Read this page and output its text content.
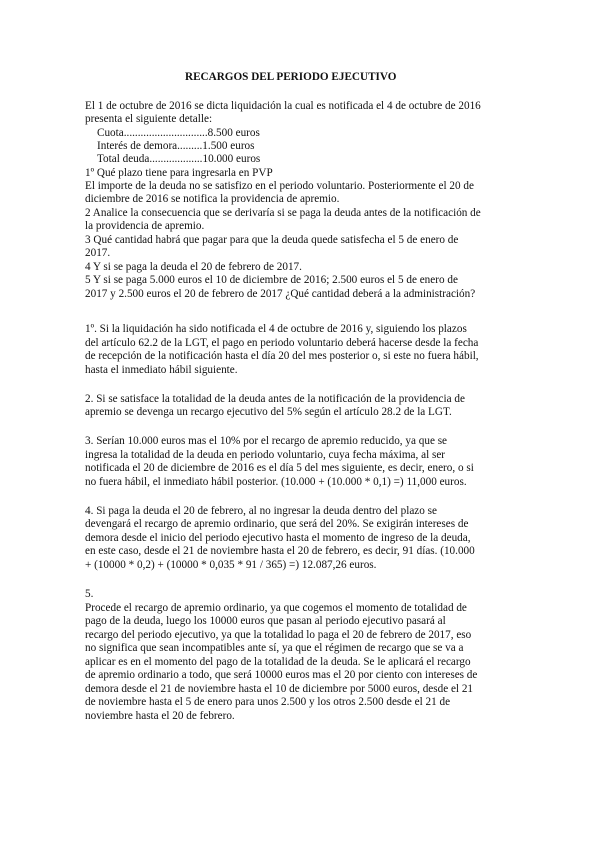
RECARGOS DEL PERIODO EJECUTIVO
El 1 de octubre de 2016 se dicta liquidación la cual es notificada el 4 de octubre de 2016
presenta el siguiente detalle:
Cuota..............................8.500 euros
Interés de demora.........1.500 euros
Total deuda...................10.000 euros
1º Qué plazo tiene para ingresarla en PVP
El importe de la deuda no se satisfizo en el periodo voluntario. Posteriormente el 20 de
diciembre de 2016 se notifica la providencia de apremio.
2 Analice la consecuencia que se derivaría si se paga la deuda antes de la notificación de
la providencia de apremio.
3 Qué cantidad habrá que pagar para que la deuda quede satisfecha el 5 de enero de
2017.
4 Y si se paga la deuda el 20 de febrero de 2017.
5 Y si se paga 5.000 euros el 10 de diciembre de 2016; 2.500 euros el 5 de enero de
2017 y 2.500 euros el 20 de febrero de 2017 ¿Qué cantidad deberá a la administración?
1º. Si la liquidación ha sido notificada el 4 de octubre de 2016 y, siguiendo los plazos
del artículo 62.2 de la LGT, el pago en periodo voluntario deberá hacerse desde la fecha
de recepción de la notificación hasta el día 20 del mes posterior o, si este no fuera hábil,
hasta el inmediato hábil siguiente.
2. Si se satisface la totalidad de la deuda antes de la notificación de la providencia de
apremio se devenga un recargo ejecutivo del 5% según el artículo 28.2 de la LGT.
3. Serían 10.000 euros mas el 10% por el recargo de apremio reducido, ya que se
ingresa la totalidad de la deuda en periodo voluntario, cuya fecha máxima, al ser
notificada el 20 de diciembre de 2016 es el día 5 del mes siguiente, es decir, enero, o si
no fuera hábil, el inmediato hábil posterior. (10.000 + (10.000 * 0,1) =) 11,000 euros.
4. Si paga la deuda el 20 de febrero, al no ingresar la deuda dentro del plazo se
devengará el recargo de apremio ordinario, que será del 20%. Se exigirán intereses de
demora desde el inicio del periodo ejecutivo hasta el momento de ingreso de la deuda,
en este caso, desde el 21 de noviembre hasta el 20 de febrero, es decir, 91 días. (10.000
+ (10000 * 0,2) + (10000 * 0,035 * 91 / 365) =) 12.087,26 euros.
5.
Procede el recargo de apremio ordinario, ya que cogemos el momento de totalidad de
pago de la deuda, luego los 10000 euros que pasan al periodo ejecutivo pasará al
recargo del periodo ejecutivo, ya que la totalidad lo paga el 20 de febrero de 2017, eso
no significa que sean incompatibles ante sí, ya que el régimen de recargo que se va a
aplicar es en el momento del pago de la totalidad de la deuda. Se le aplicará el recargo
de apremio ordinario a todo, que será 10000 euros mas el 20 por ciento con intereses de
demora desde el 21 de noviembre hasta el 10 de diciembre por 5000 euros, desde el 21
de noviembre hasta el 5 de enero para unos 2.500 y los otros 2.500 desde el 21 de
noviembre hasta el 20 de febrero.
